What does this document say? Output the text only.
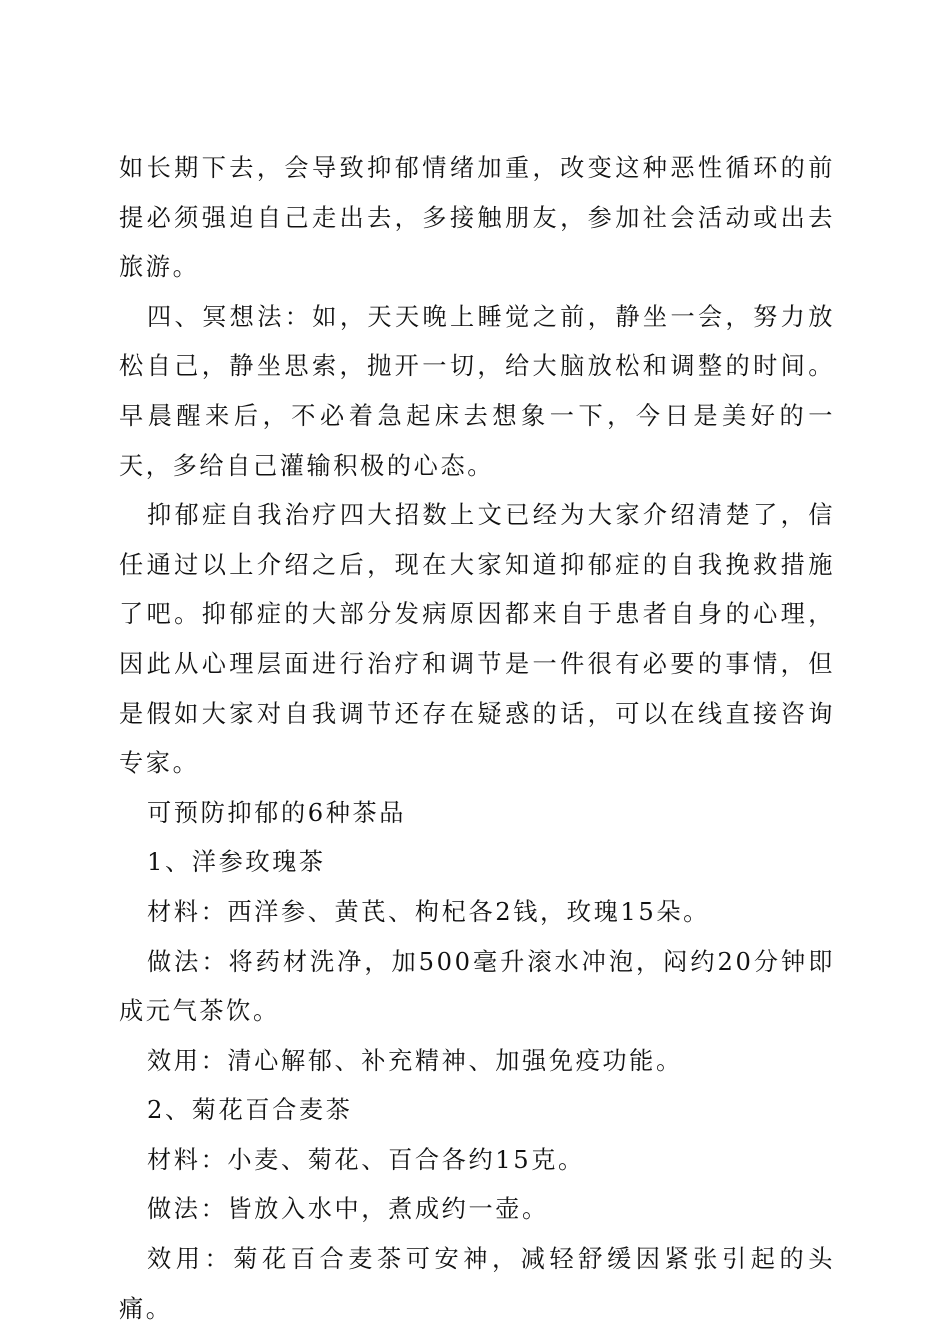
如长期下去，会导致抑郁情绪加重，改变这种恶性循环的前提必须强迫自己走出去，多接触朋友，参加社会活动或出去旅游。

四、冥想法：如，天天晚上睡觉之前，静坐一会，努力放松自己，静坐思索，抛开一切，给大脑放松和调整的时间。早晨醒来后，不必着急起床去想象一下，今日是美好的一天，多给自己灌输积极的心态。

抑郁症自我治疗四大招数上文已经为大家介绍清楚了，信任通过以上介绍之后，现在大家知道抑郁症的自我挽救措施了吧。抑郁症的大部分发病原因都来自于患者自身的心理，因此从心理层面进行治疗和调节是一件很有必要的事情，但是假如大家对自我调节还存在疑惑的话，可以在线直接咨询专家。

可预防抑郁的6种茶品

1、洋参玫瑰茶

材料：西洋参、黄芪、枸杞各2钱，玫瑰15朵。

做法：将药材洗净，加500毫升滚水冲泡，闷约20分钟即成元气茶饮。

效用：清心解郁、补充精神、加强免疫功能。

2、菊花百合麦茶

材料：小麦、菊花、百合各约15克。

做法：皆放入水中，煮成约一壶。

效用：菊花百合麦茶可安神，减轻舒缓因紧张引起的头痛。
